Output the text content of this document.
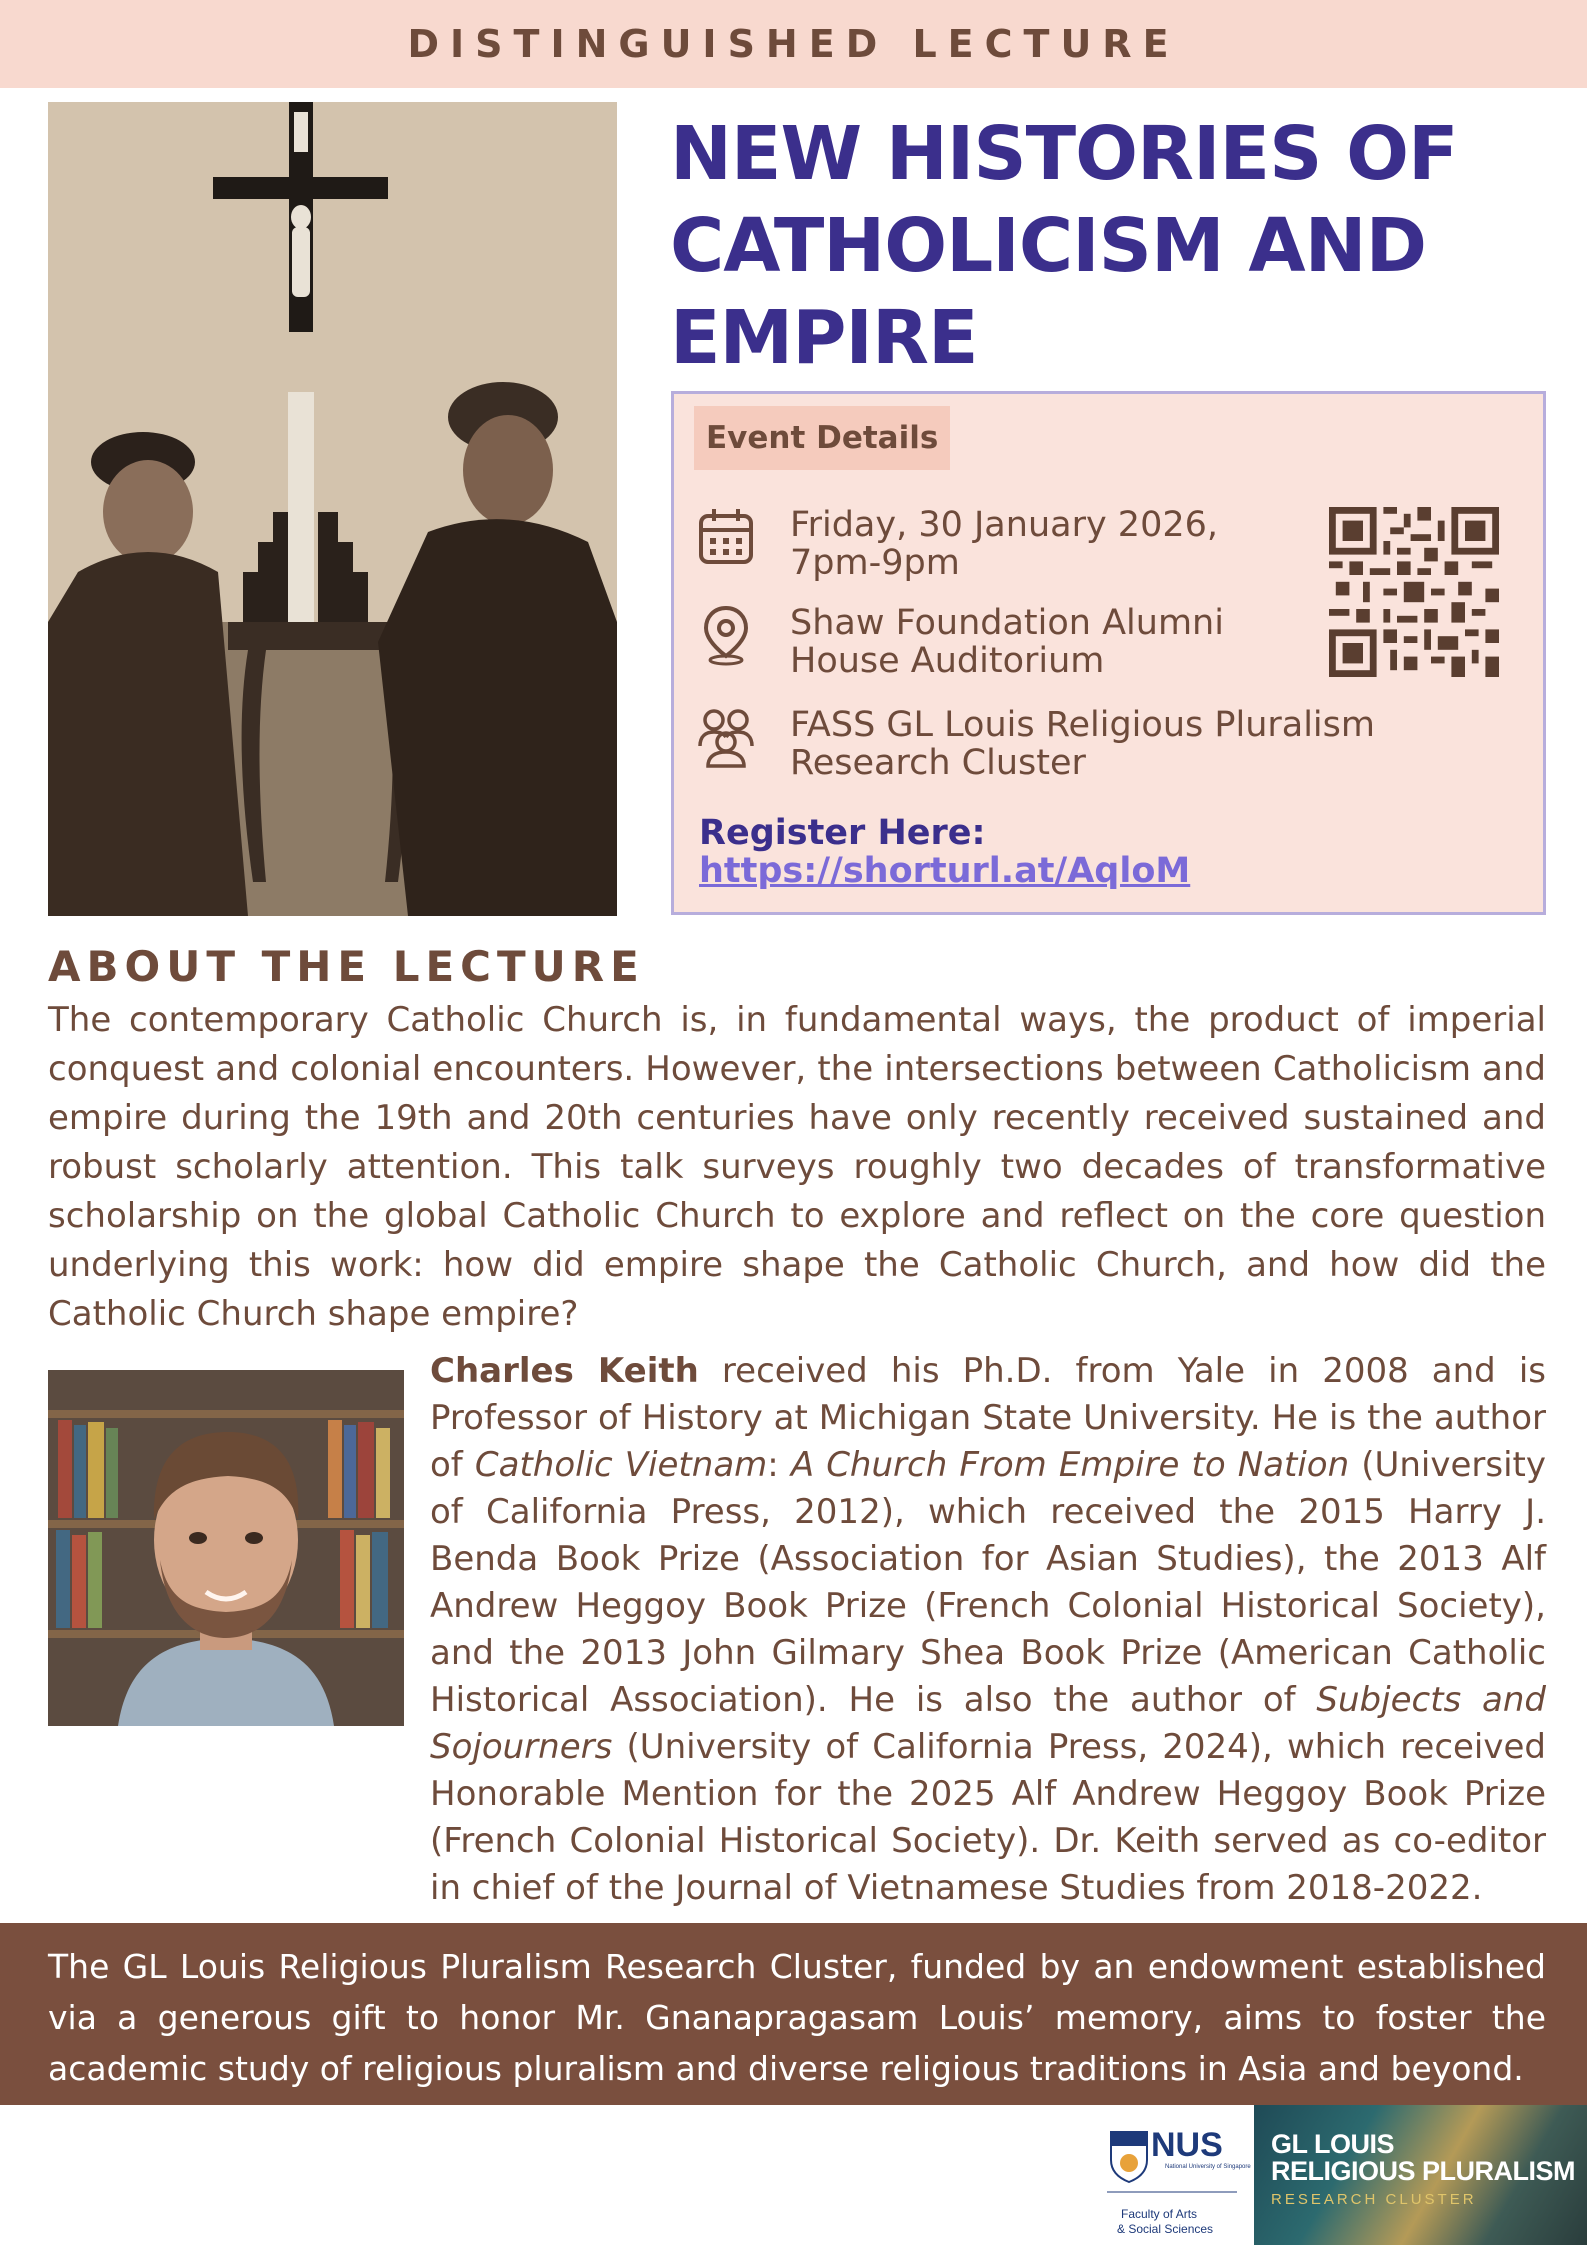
DISTINGUISHED LECTURE
NEW HISTORIES OF
CATHOLICISM AND
EMPIRE
Event Details
Friday, 30 January 2026,
7pm-9pm
Shaw Foundation Alumni
House Auditorium
FASS GL Louis Religious Pluralism
Research Cluster
Register Here:
https://shorturl.at/AqloM
ABOUT THE LECTURE

The contemporary Catholic Church is, in fundamental ways, the product of imperial conquest and colonial encounters. However, the intersections between Catholicism and empire during the 19th and 20th centuries have only recently received sustained and robust scholarly attention. This talk surveys roughly two decades of transformative scholarship on the global Catholic Church to explore and reflect on the core question underlying this work: how did empire shape the Catholic Church, and how did the Catholic Church shape empire?

Charles Keith received his Ph.D. from Yale in 2008 and is Professor of History at Michigan State University. He is the author of Catholic Vietnam: A Church From Empire to Nation (University of California Press, 2012), which received the 2015 Harry J. Benda Book Prize (Association for Asian Studies), the 2013 Alf Andrew Heggoy Book Prize (French Colonial Historical Society), and the 2013 John Gilmary Shea Book Prize (American Catholic Historical Association). He is also the author of Subjects and Sojourners (University of California Press, 2024), which received Honorable Mention for the 2025 Alf Andrew Heggoy Book Prize (French Colonial Historical Society). Dr. Keith served as co-editor in chief of the Journal of Vietnamese Studies from 2018-2022.

The GL Louis Religious Pluralism Research Cluster, funded by an endowment established via a generous gift to honor Mr. Gnanapragasam Louis’ memory, aims to foster the academic study of religious pluralism and diverse religious traditions in Asia and beyond.

NUS
National University of Singapore
Faculty of Arts
& Social Sciences
GL LOUIS
RELIGIOUS PLURALISM
RESEARCH CLUSTER
